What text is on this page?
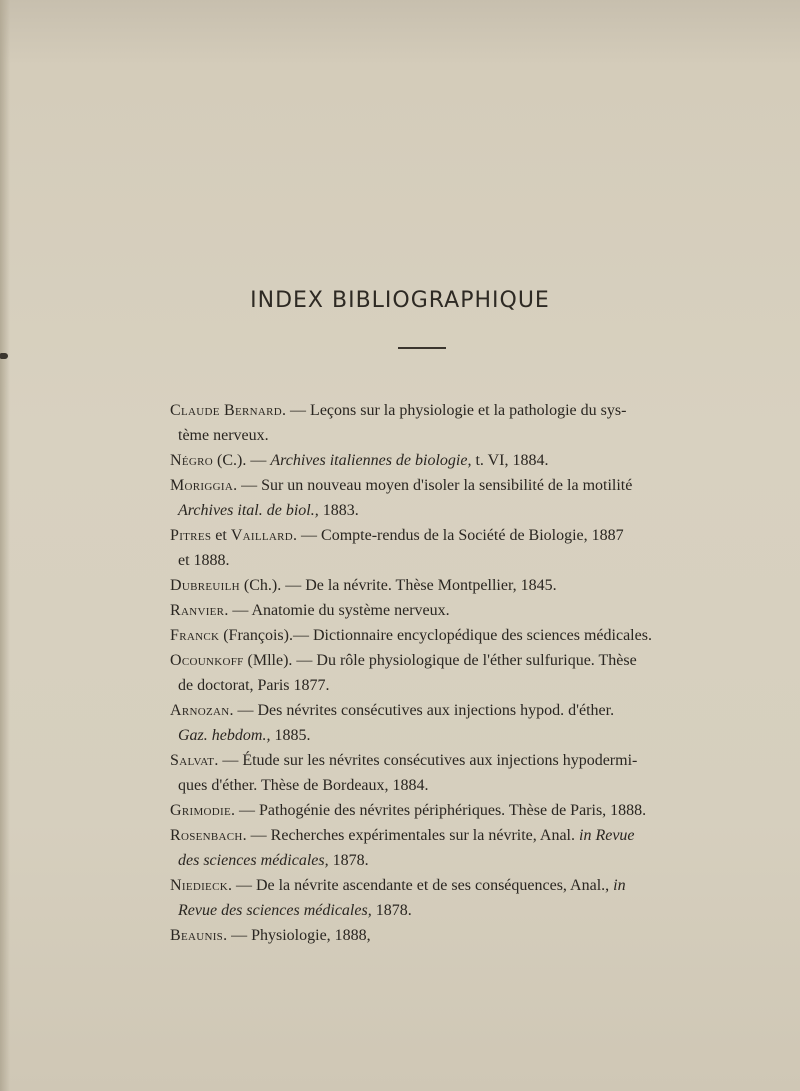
INDEX BIBLIOGRAPHIQUE

Claude Bernard. — Leçons sur la physiologie et la pathologie du sys-
tème nerveux.

Négro (C.). — Archives italiennes de biologie, t. VI, 1884.

Moriggia. — Sur un nouveau moyen d'isoler la sensibilité de la motilité
Archives ital. de biol., 1883.

Pitres et Vaillard. — Compte-rendus de la Société de Biologie, 1887
et 1888.

Dubreuilh (Ch.). — De la névrite. Thèse Montpellier, 1845.

Ranvier. — Anatomie du système nerveux.

Franck (François).— Dictionnaire encyclopédique des sciences médicales.

Ocounkoff (Mlle). — Du rôle physiologique de l'éther sulfurique. Thèse
de doctorat, Paris 1877.

Arnozan. — Des névrites consécutives aux injections hypod. d'éther.
Gaz. hebdom., 1885.

Salvat. — Étude sur les névrites consécutives aux injections hypodermi-
ques d'éther. Thèse de Bordeaux, 1884.

Grimodie. — Pathogénie des névrites périphériques. Thèse de Paris, 1888.

Rosenbach. — Recherches expérimentales sur la névrite, Anal. in Revue
des sciences médicales, 1878.

Niedieck. — De la névrite ascendante et de ses conséquences, Anal., in
Revue des sciences médicales, 1878.

Beaunis. — Physiologie, 1888,
